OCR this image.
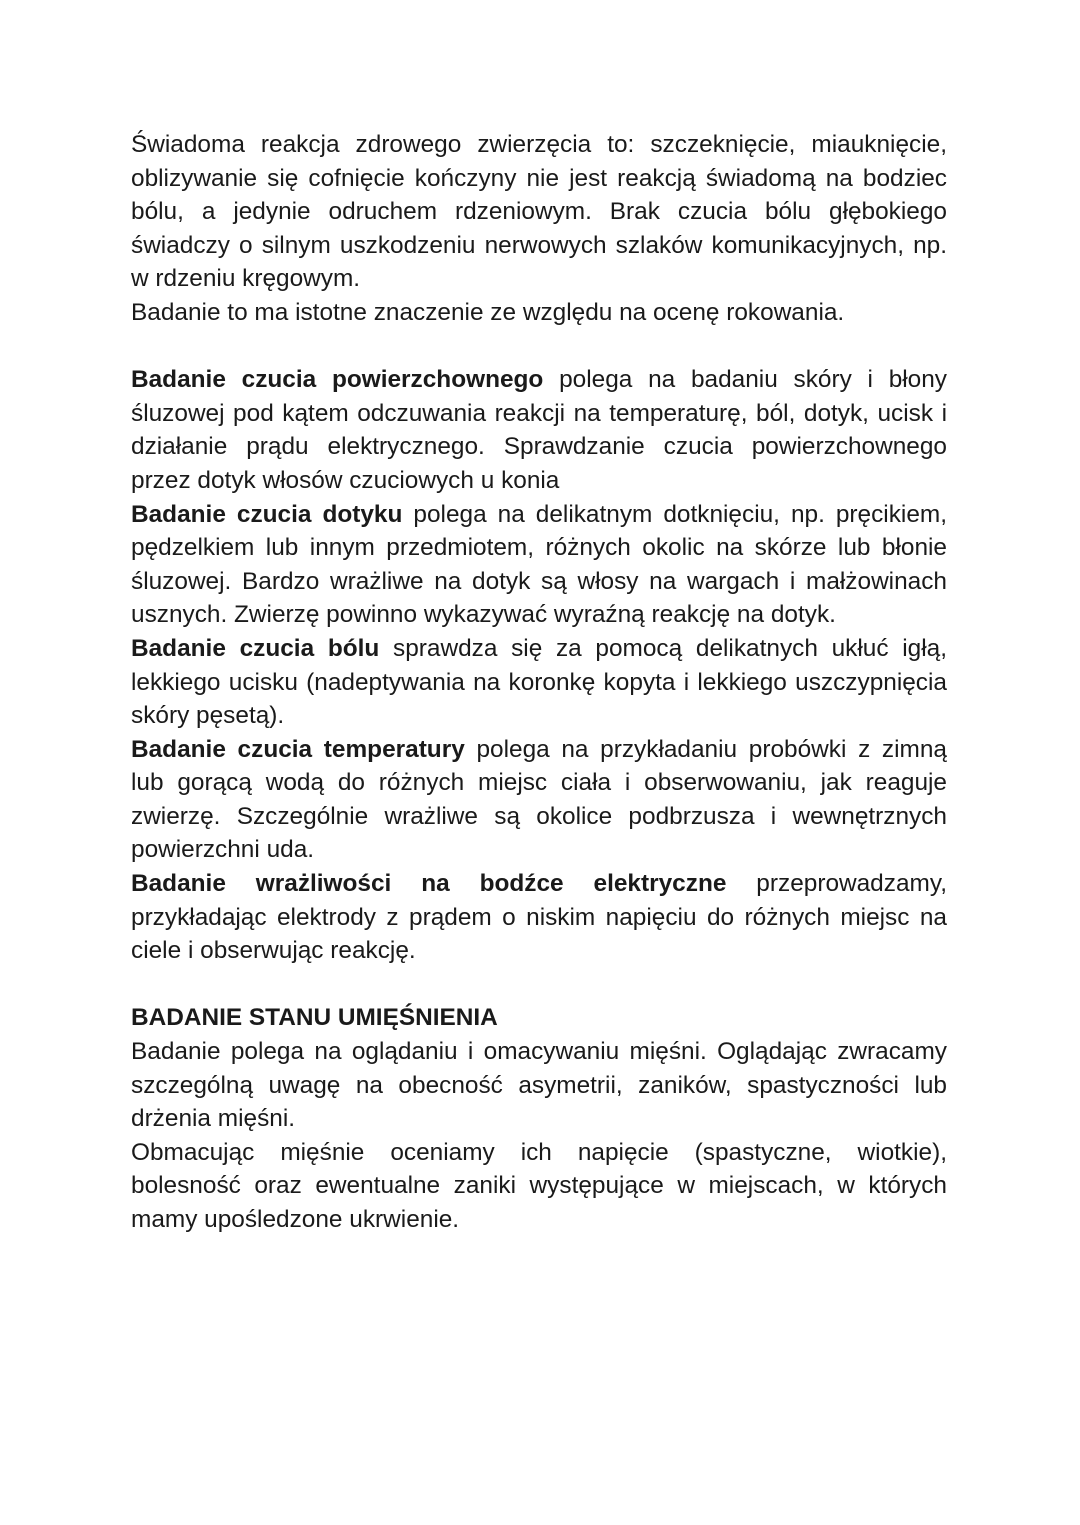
Świadoma reakcja zdrowego zwierzęcia to: szczeknięcie, miauknięcie, oblizywanie się cofnięcie kończyny nie jest reakcją świadomą na bodziec bólu, a jedynie odruchem rdzeniowym. Brak czucia bólu głębokiego świadczy o silnym uszkodzeniu nerwowych szlaków komunikacyjnych, np. w rdzeniu kręgowym.

Badanie to ma istotne znaczenie ze względu na ocenę rokowania.

Badanie czucia powierzchownego polega na badaniu skóry i błony śluzowej pod kątem odczuwania reakcji na temperaturę, ból, dotyk, ucisk i działanie prądu elektrycznego. Sprawdzanie czucia powierzchownego przez dotyk włosów czuciowych u konia

Badanie czucia dotyku polega na delikatnym dotknięciu, np. pręcikiem, pędzelkiem lub innym przedmiotem, różnych okolic na skórze lub błonie śluzowej. Bardzo wrażliwe na dotyk są włosy na wargach i małżowinach usznych. Zwierzę powinno wykazywać wyraźną reakcję na dotyk.

Badanie czucia bólu sprawdza się za pomocą delikatnych ukłuć igłą, lekkiego ucisku (nadeptywania na koronkę kopyta i lekkiego uszczypnięcia skóry pęsetą).

Badanie czucia temperatury polega na przykładaniu probówki z zimną lub gorącą wodą do różnych miejsc ciała i obserwowaniu, jak reaguje zwierzę. Szczególnie wrażliwe są okolice podbrzusza i wewnętrznych powierzchni uda.

Badanie wrażliwości na bodźce elektryczne przeprowadzamy, przykładając elektrody z prądem o niskim napięciu do różnych miejsc na ciele i obserwując reakcję.

BADANIE STANU UMIĘŚNIENIA

Badanie polega na oglądaniu i omacywaniu mięśni. Oglądając zwracamy szczególną uwagę na obecność asymetrii, zaników, spastyczności lub drżenia mięśni.

Obmacując mięśnie oceniamy ich napięcie (spastyczne, wiotkie), bolesność oraz ewentualne zaniki występujące w miejscach, w których mamy upośledzone ukrwienie.
